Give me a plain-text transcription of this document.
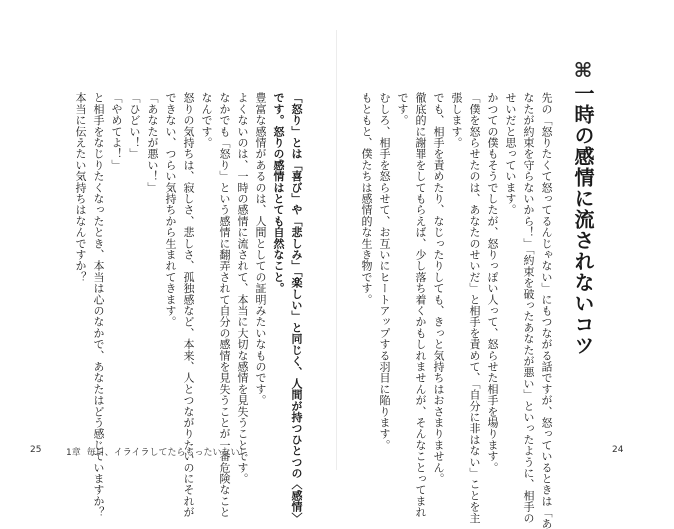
⌘一時の感情に流されないコツ
先の「怒りたくて怒ってるんじゃない」にもつながる話ですが、怒っているときは「あ
なたが約束を守らないから！」「約束を破ったあなたが悪い」といったように、相手の
せいだと思っています。
かつての僕もそうでしたが、怒りっぽい人って、怒らせた相手を場ります。
「僕を怒らせたのは、あなたのせいだ」と相手を責めて、「自分に非はない」ことを主
張します。
でも、相手を責めたり、なじったりしても、きっと気持ちはおさまりません。
徹底的に謝罪をしてもらえば、少し落ち着くかもしれませんが、そんなことってまれ
です。
むしろ、相手を怒らせて、お互いにヒートアップする羽目に陥ります。
もともと、僕たちは感情的な生き物です。
「怒り」とは「喜び」や「悲しみ」「楽しい」と同じく、人間が持つひとつの〈感情〉
です。怒りの感情はとても自然なこと。
豊富な感情があるのは、人間としての証明みたいなものです。
よくないのは、一時の感情に流されて、本当に大切な感情を見失うことです。
なかでも「怒り」という感情に翻弄されて自分の感情を見失うことが一番危険なこと
なんです。
怒りの気持ちは、寂しさ、悲しさ、孤独感など、本来、人とつながりたいのにそれが
できない、つらい気持ちから生まれてきます。
「あなたが悪い！」
「ひどい！」
「やめてよ！」
と相手をなじりたくなったとき、本当は心のなかで、あなたはどう感じていますか？
本当に伝えたい気持ちはなんですか？
25	1章 毎日、イライラしてたらもったいない！	24
